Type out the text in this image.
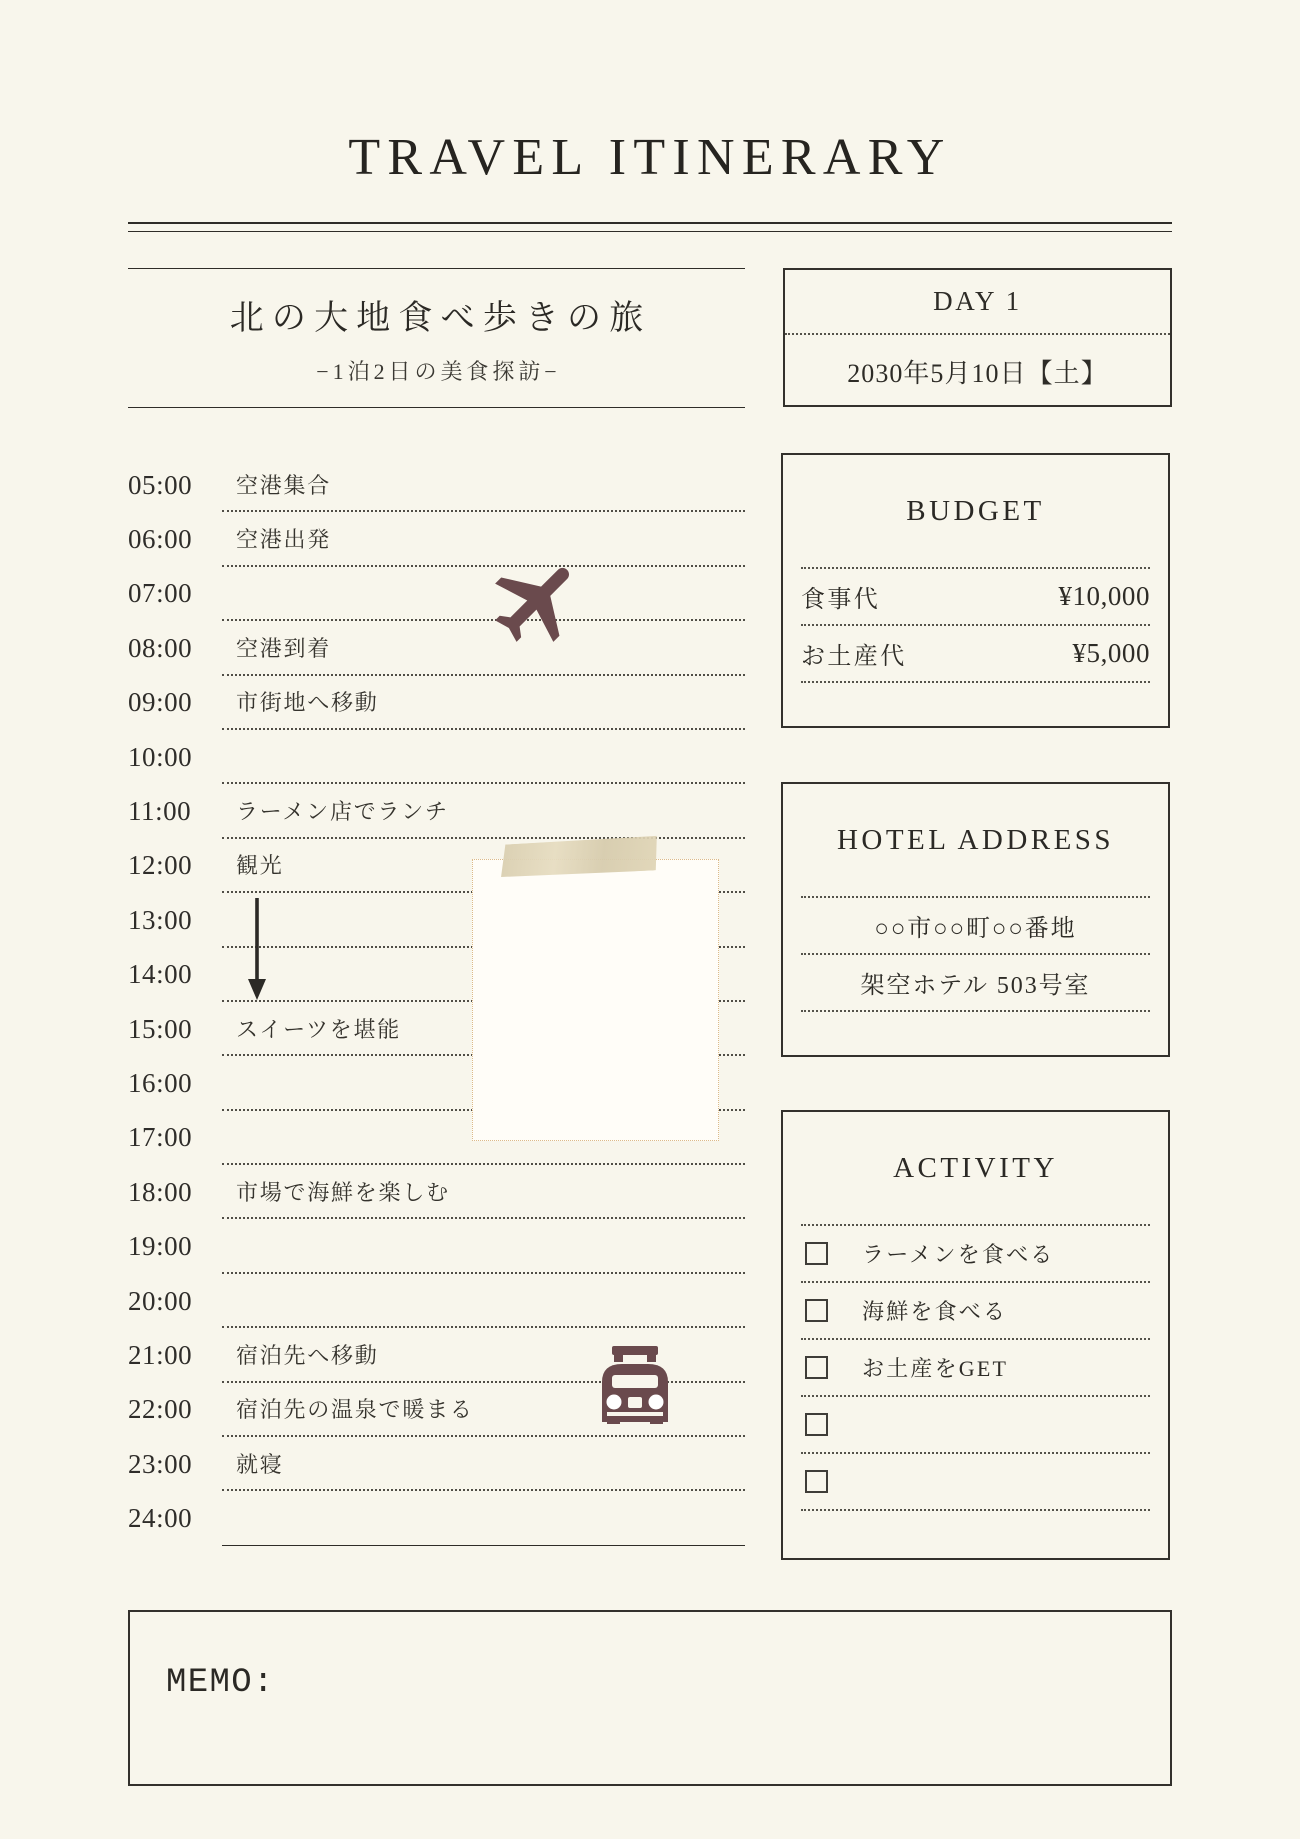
TRAVEL ITINERARY
北の大地食べ歩きの旅
−1泊2日の美食探訪−
DAY 1
2030年5月10日【土】
05:00	空港集合
06:00	空港出発
07:00
08:00	空港到着
09:00	市街地へ移動
10:00
11:00	ラーメン店でランチ
12:00	観光
13:00
14:00
15:00	スイーツを堪能
16:00
17:00
18:00	市場で海鮮を楽しむ
19:00
20:00
21:00	宿泊先へ移動
22:00	宿泊先の温泉で暖まる
23:00	就寝
24:00
BUDGET
食事代	¥10,000
お土産代	¥5,000
HOTEL ADDRESS
○○市○○町○○番地
架空ホテル 503号室
ACTIVITY
ラーメンを食べる
海鮮を食べる
お土産をGET
MEMO:
